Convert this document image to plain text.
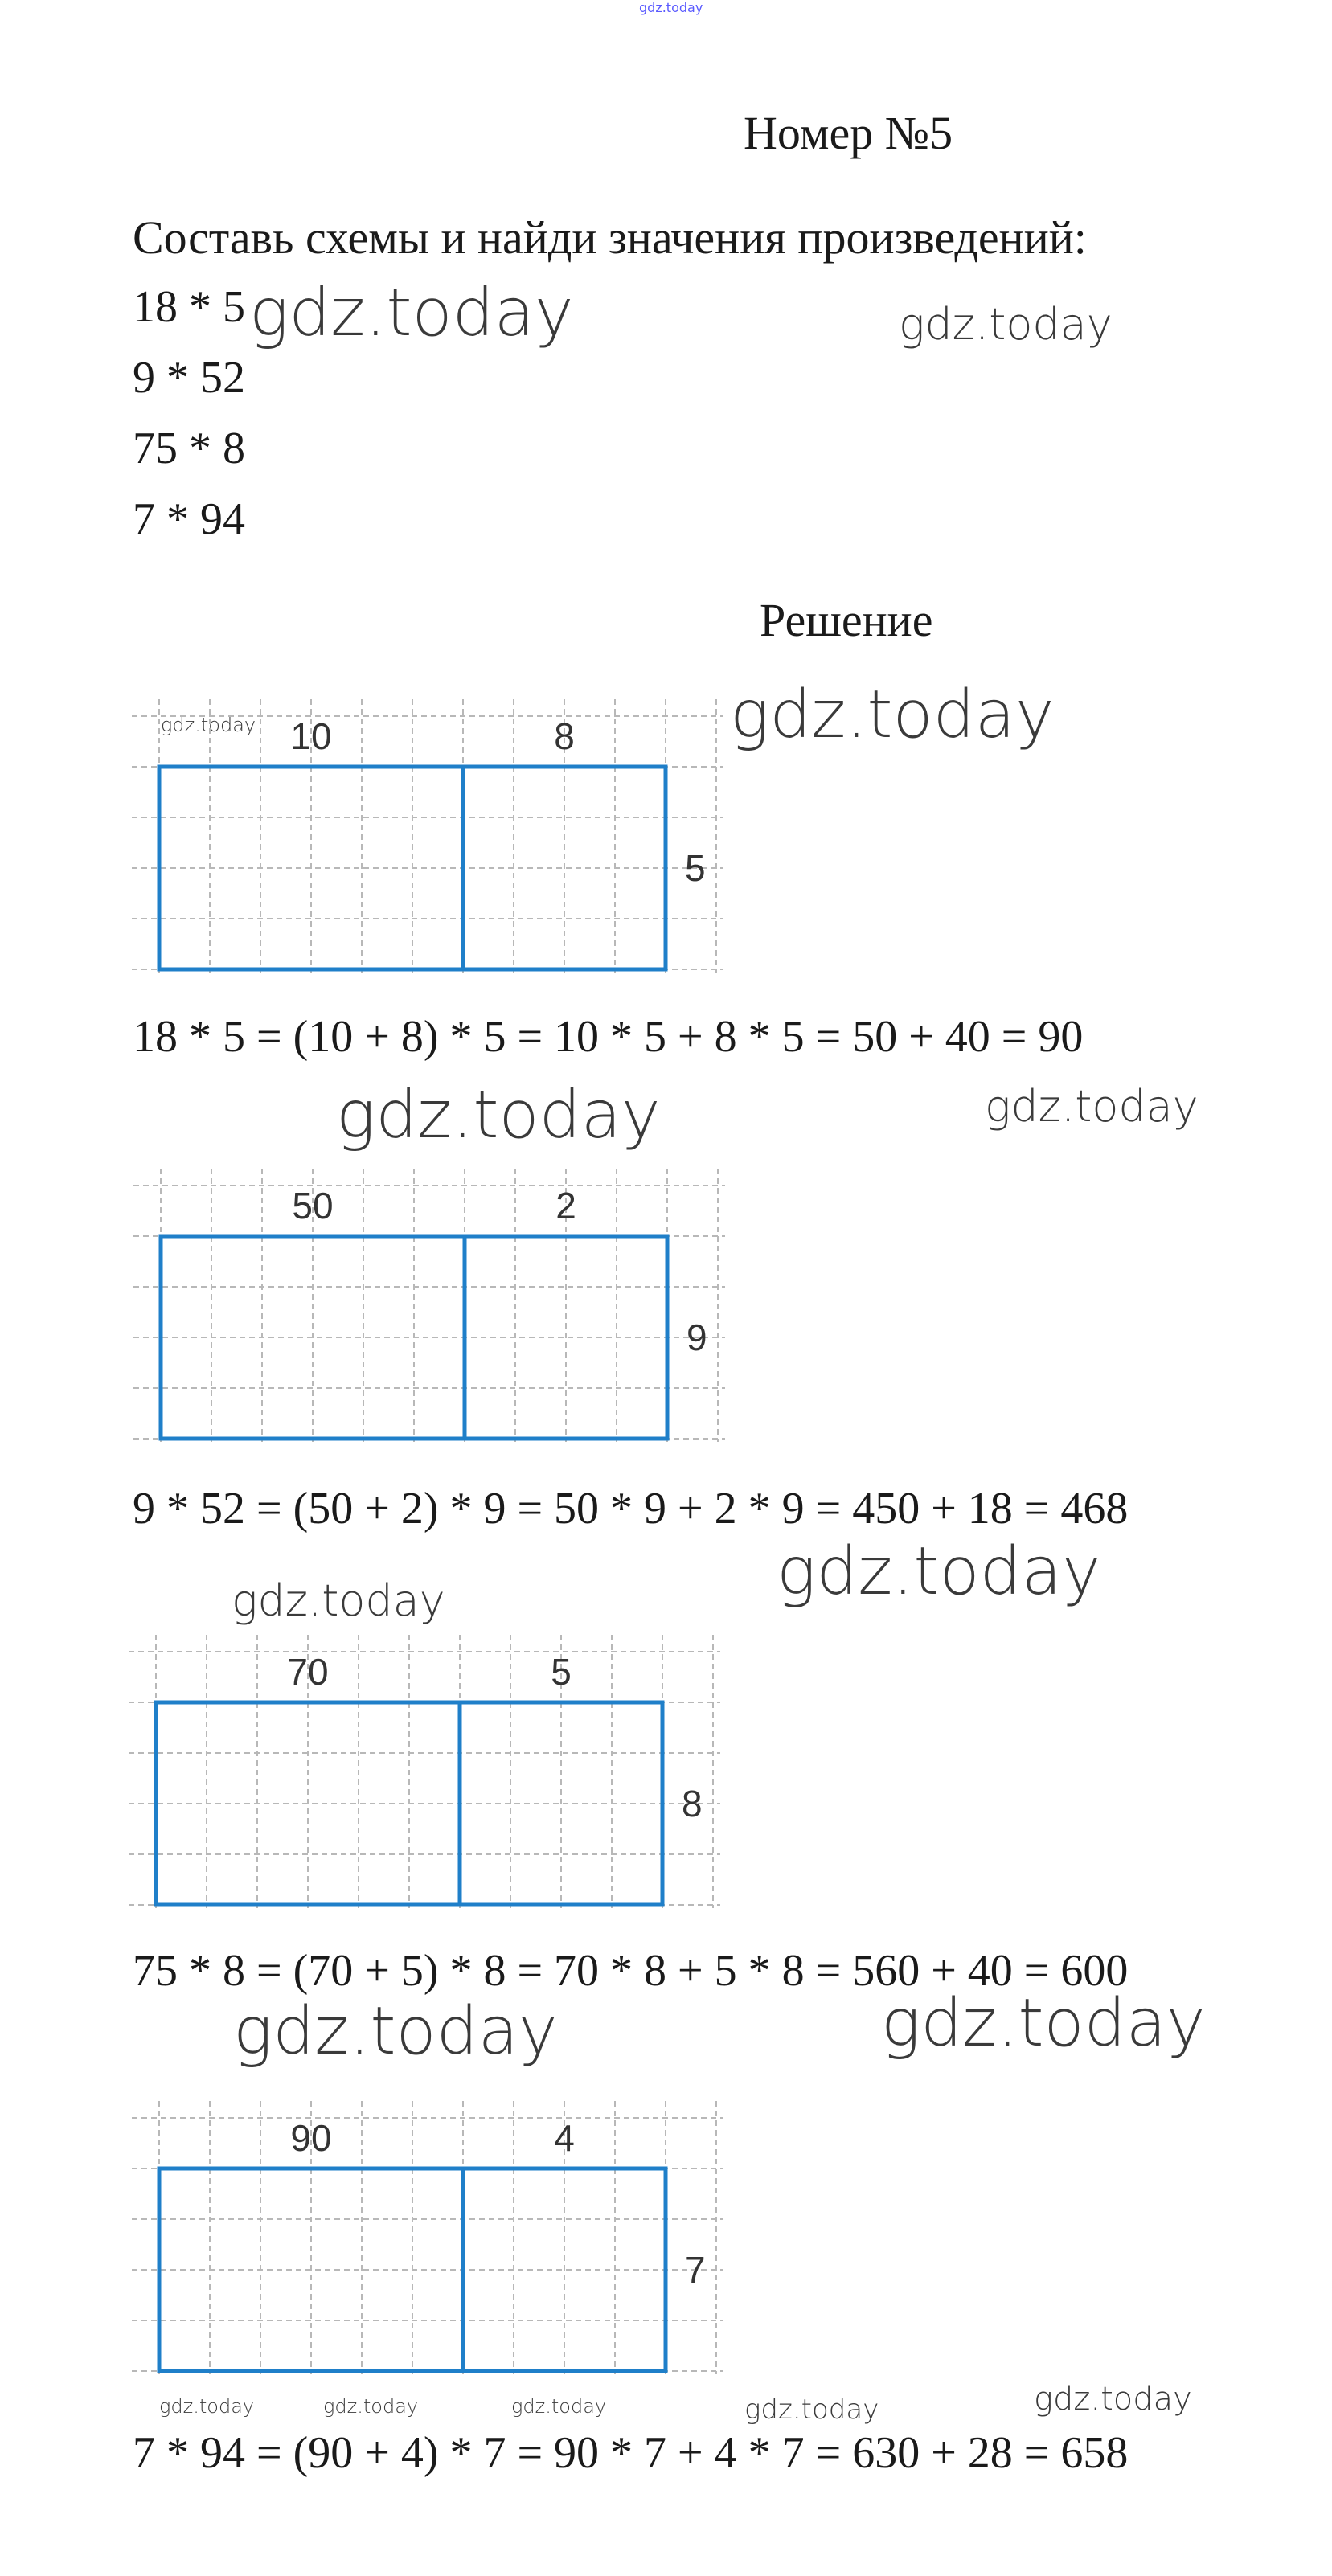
gdz.today
Номер №5
Составь схемы и найди значения произведений:
18 * 5
9 * 52
75 * 8
7 * 94
Решение
gdz.today	gdz.today
gdz.today	gdz.today
gdz.today	gdz.today
gdz.today
gdz.today
gdz.today	gdz.today
gdz.today	gdz.today	gdz.today	gdz.today	gdz.today
10	8
5
18 * 5 = (10 + 8) * 5 = 10 * 5 + 8 * 5 = 50 + 40 = 90
50	2
9
9 * 52 = (50 + 2) * 9 = 50 * 9 + 2 * 9 = 450 + 18 = 468
70	5
8
75 * 8 = (70 + 5) * 8 = 70 * 8 + 5 * 8 = 560 + 40 = 600
90	4
7
7 * 94 = (90 + 4) * 7 = 90 * 7 + 4 * 7 = 630 + 28 = 658
